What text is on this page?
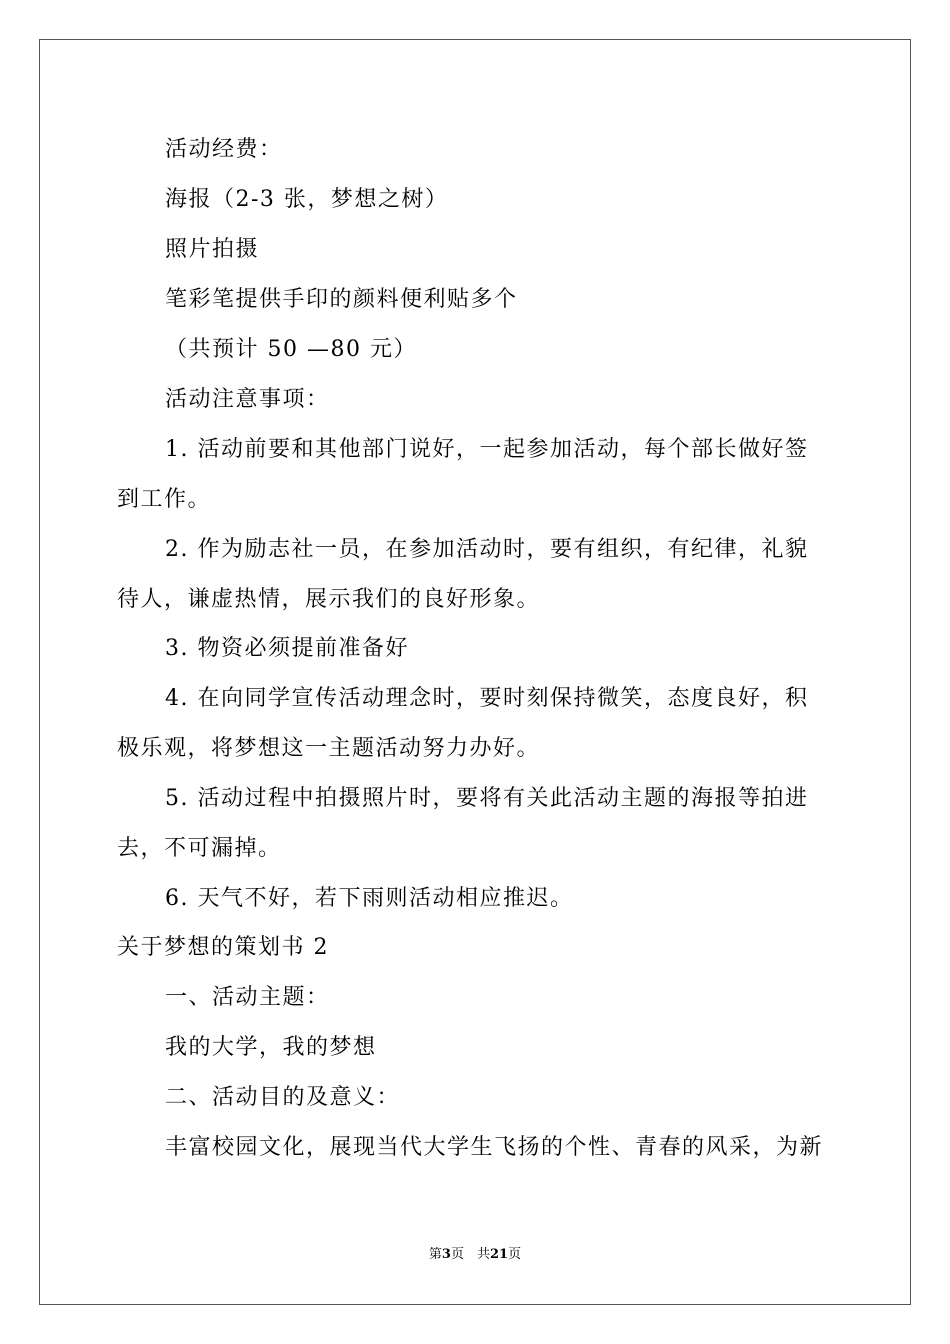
活动经费：
海报（2-3 张，梦想之树）
照片拍摄
笔彩笔提供手印的颜料便利贴多个
（共预计 50 —80 元）
活动注意事项：
1. 活动前要和其他部门说好，一起参加活动，每个部长做好签
到工作。
2. 作为励志社一员，在参加活动时，要有组织，有纪律，礼貌
待人，谦虚热情，展示我们的良好形象。
3. 物资必须提前准备好
4. 在向同学宣传活动理念时，要时刻保持微笑，态度良好，积
极乐观，将梦想这一主题活动努力办好。
5. 活动过程中拍摄照片时，要将有关此活动主题的海报等拍进
去，不可漏掉。
6. 天气不好，若下雨则活动相应推迟。
关于梦想的策划书 2
一、活动主题：
我的大学，我的梦想
二、活动目的及意义：
丰富校园文化，展现当代大学生飞扬的个性、青春的风采，为新
第3页　共21页
